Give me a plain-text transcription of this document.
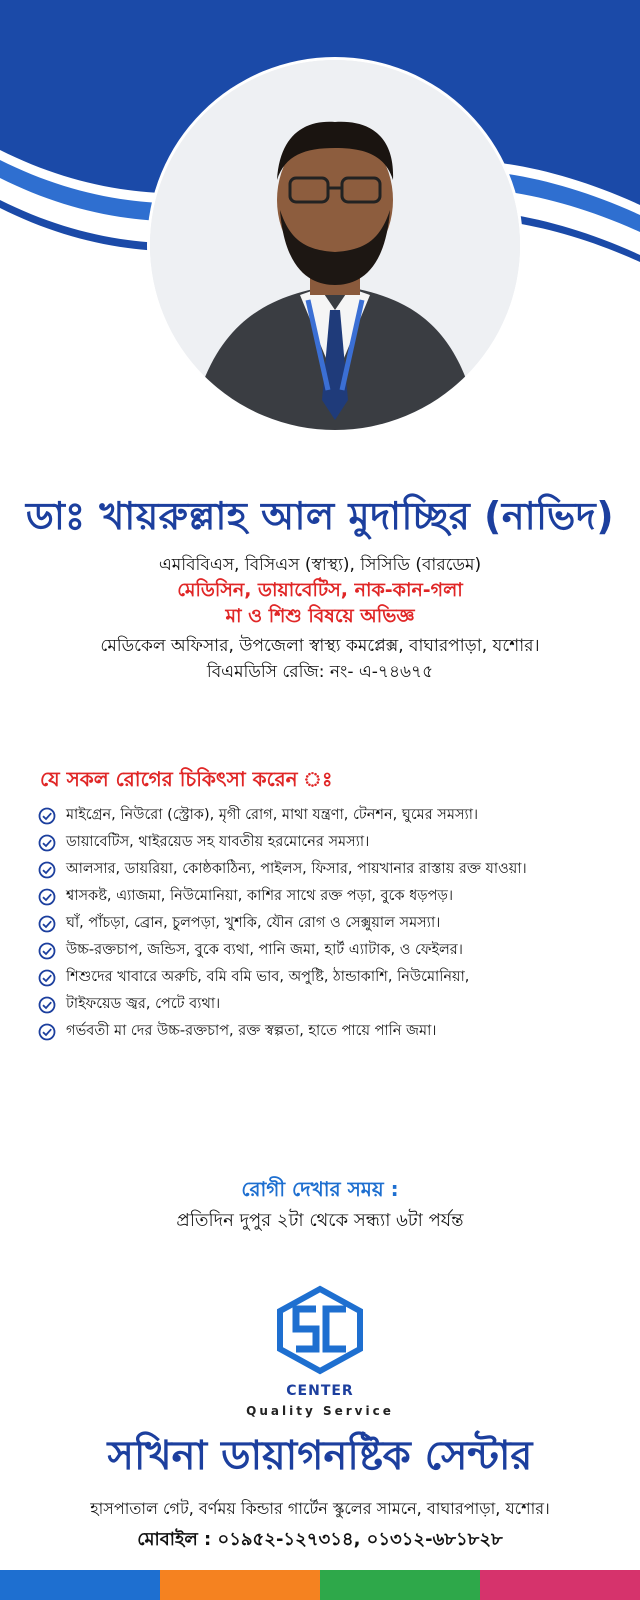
ডাঃ খায়রুল্লাহ আল মুদাচ্ছির (নাভিদ)
এমবিবিএস, বিসিএস (স্বাস্থ্য), সিসিডি (বারডেম)
মেডিসিন, ডায়াবেটিস, নাক-কান-গলা
মা ও শিশু বিষয়ে অভিজ্ঞ
মেডিকেল অফিসার, উপজেলা স্বাস্থ্য কমপ্লেক্স, বাঘারপাড়া, যশোর।
বিএমডিসি রেজি: নং- এ-৭৪৬৭৫
যে সকল রোগের চিকিৎসা করেন ঃ
মাইগ্রেন, নিউরো (স্ট্রোক), মৃগী রোগ, মাথা যন্ত্রণা, টেনশন, ঘুমের সমস্যা।
ডায়াবেটিস, থাইরয়েড সহ যাবতীয় হরমোনের সমস্যা।
আলসার, ডায়রিয়া, কোষ্ঠকাঠিন্য, পাইলস, ফিসার, পায়খানার রাস্তায় রক্ত যাওয়া।
শ্বাসকষ্ট, এ্যাজমা, নিউমোনিয়া, কাশির সাথে রক্ত পড়া, বুকে ধড়পড়।
ঘাঁ, পাঁচড়া, ব্রোন, চুলপড়া, খুশকি, যৌন রোগ ও সেক্সুয়াল সমস্যা।
উচ্চ-রক্তচাপ, জন্ডিস, বুকে ব্যথা, পানি জমা, হার্ট এ্যাটাক, ও ফেইলর।
শিশুদের খাবারে অরুচি, বমি বমি ভাব, অপুষ্টি, ঠান্ডাকাশি, নিউমোনিয়া,
টাইফয়েড জ্বর, পেটে ব্যথা।
গর্ভবতী মা দের উচ্চ-রক্তচাপ, রক্ত স্বল্পতা, হাতে পায়ে পানি জমা।
রোগী দেখার সময় :
প্রতিদিন দুপুর ২টা থেকে সন্ধ্যা ৬টা পর্যন্ত
CENTER
Quality Service
সখিনা ডায়াগনষ্টিক সেন্টার
হাসপাতাল গেট, বর্ণময় কিন্ডার গার্টেন স্কুলের সামনে, বাঘারপাড়া, যশোর।
মোবাইল : ০১৯৫২-১২৭৩১৪, ০১৩১২-৬৮১৮২৮
